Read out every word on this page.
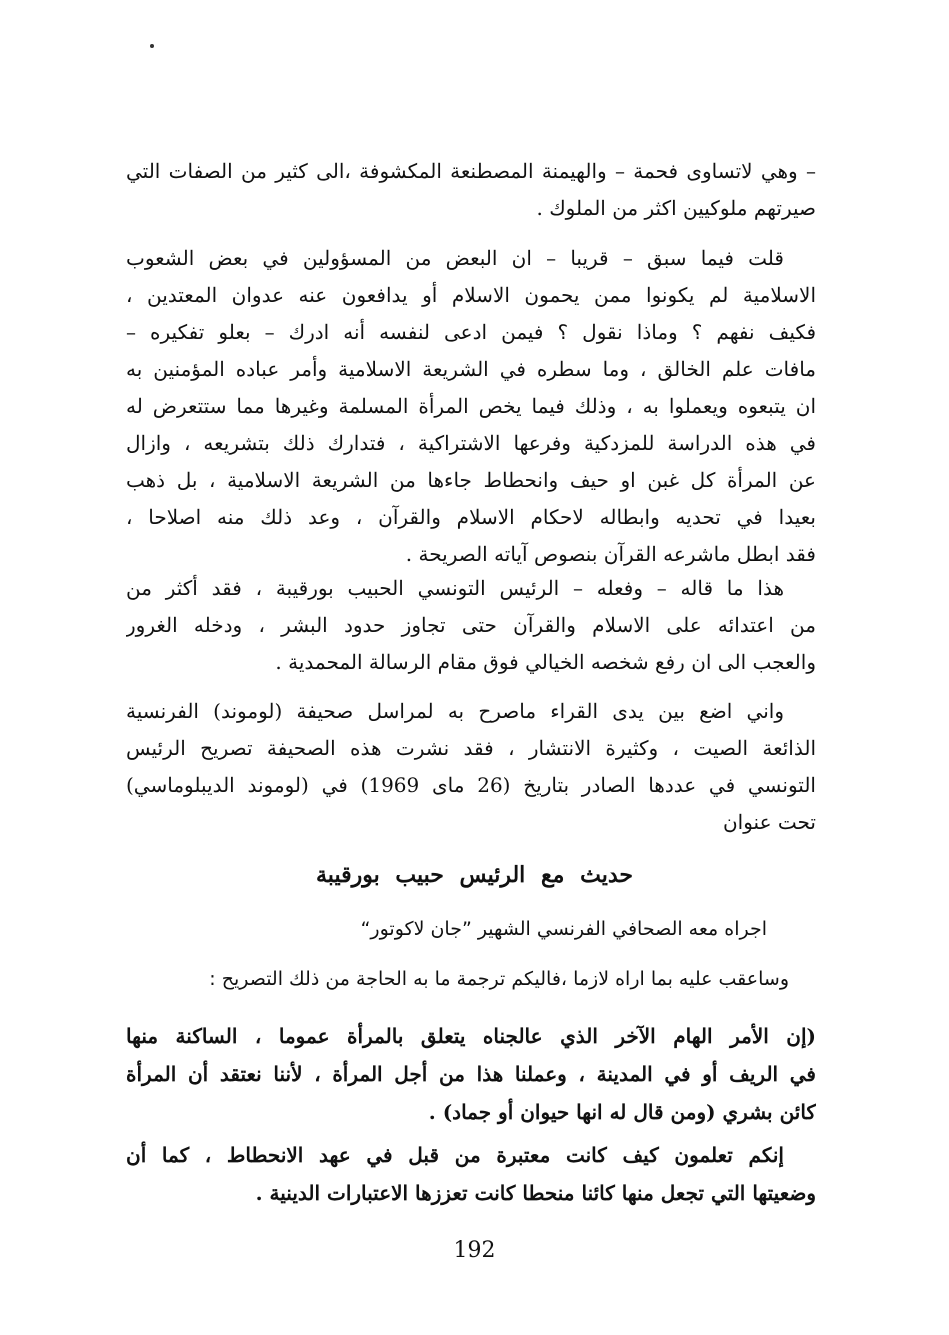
– وهي لاتساوى فحمة – والهيمنة المصطنعة المكشوفة ،الى كثير من الصفات التي
صيرتهم ملوكيين اكثر من الملوك .
قلت فيما سبق – قريبا – ان البعض من المسؤولين في بعض الشعوب
الاسلامية لم يكونوا ممن يحمون الاسلام أو يدافعون عنه عدوان المعتدين ،
فكيف نفهم ؟ وماذا نقول ؟ فيمن ادعى لنفسه أنه ادرك – بعلو تفكيره –
مافات علم الخالق ، وما سطره في الشريعة الاسلامية وأمر عباده المؤمنين به
ان يتبعوه ويعملوا به ، وذلك فيما يخص المرأة المسلمة وغيرها مما ستتعرض له
في هذه الدراسة للمزدكية وفرعها الاشتراكية ، فتدارك ذلك بتشريعه ، وازال
عن المرأة كل غبن او حيف وانحطاط جاءها من الشريعة الاسلامية ، بل ذهب
بعيدا في تحديه وابطاله لاحكام الاسلام والقرآن ، وعد ذلك منه اصلاحا ،
فقد ابطل ماشرعه القرآن بنصوص آياته الصريحة .
هذا ما قاله – وفعله – الرئيس التونسي الحبيب بورقيبة ، فقد أكثر من
من اعتدائه على الاسلام والقرآن حتى تجاوز حدود البشر ، ودخله الغرور
والعجب الى ان رفع شخصه الخيالي فوق مقام الرسالة المحمدية .
واني اضع بين يدى القراء ماصرح به لمراسل صحيفة (لوموند) الفرنسية
الذائعة الصيت ، وكثيرة الانتشار ، فقد نشرت هذه الصحيفة تصريح الرئيس
التونسي في عددها الصادر بتاريخ (26 ماى 1969) في (لوموند الديبلوماسي)
تحت عنوان
حديث مع الرئيس حبيب بورقيبة
اجراه معه الصحافي الفرنسي الشهير ”جان لاكوتور“
وساعقب عليه بما اراه لازما ،فاليكم ترجمة ما به الحاجة من ذلك التصريح :
(إن الأمر الهام الآخر الذي عالجناه يتعلق بالمرأة عموما ، الساكنة منها
في الريف أو في المدينة ، وعملنا هذا من أجل المرأة ، لأننا نعتقد أن المرأة
كائن بشري (ومن قال له انها حيوان أو جماد) .
إنكم تعلمون كيف كانت معتبرة من قبل في عهد الانحطاط ، كما أن
وضعيتها التي تجعل منها كائنا منحطا كانت تعززها الاعتبارات الدينية .
192
